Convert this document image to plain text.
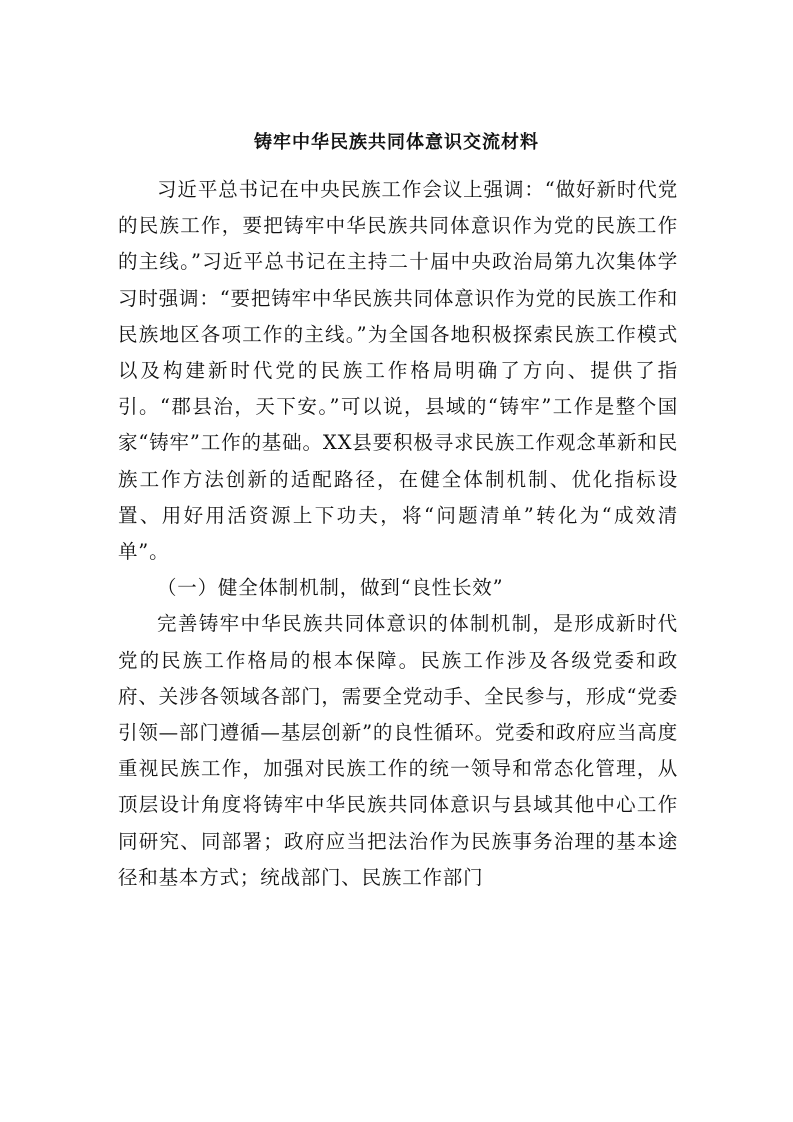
铸牢中华民族共同体意识交流材料

习近平总书记在中央民族工作会议上强调：“做好新时代党的民族工作，要把铸牢中华民族共同体意识作为党的民族工作的主线。”习近平总书记在主持二十届中央政治局第九次集体学习时强调：“要把铸牢中华民族共同体意识作为党的民族工作和民族地区各项工作的主线。”为全国各地积极探索民族工作模式以及构建新时代党的民族工作格局明确了方向、提供了指引。“郡县治，天下安。”可以说，县域的“铸牢”工作是整个国家“铸牢”工作的基础。XX县要积极寻求民族工作观念革新和民族工作方法创新的适配路径，在健全体制机制、优化指标设置、用好用活资源上下功夫，将“问题清单”转化为“成效清单”。

（一）健全体制机制，做到“良性长效”

完善铸牢中华民族共同体意识的体制机制，是形成新时代党的民族工作格局的根本保障。民族工作涉及各级党委和政府、关涉各领域各部门，需要全党动手、全民参与，形成“党委引领—部门遵循—基层创新”的良性循环。党委和政府应当高度重视民族工作，加强对民族工作的统一领导和常态化管理，从顶层设计角度将铸牢中华民族共同体意识与县域其他中心工作同研究、同部署；政府应当把法治作为民族事务治理的基本途径和基本方式；统战部门、民族工作部门
